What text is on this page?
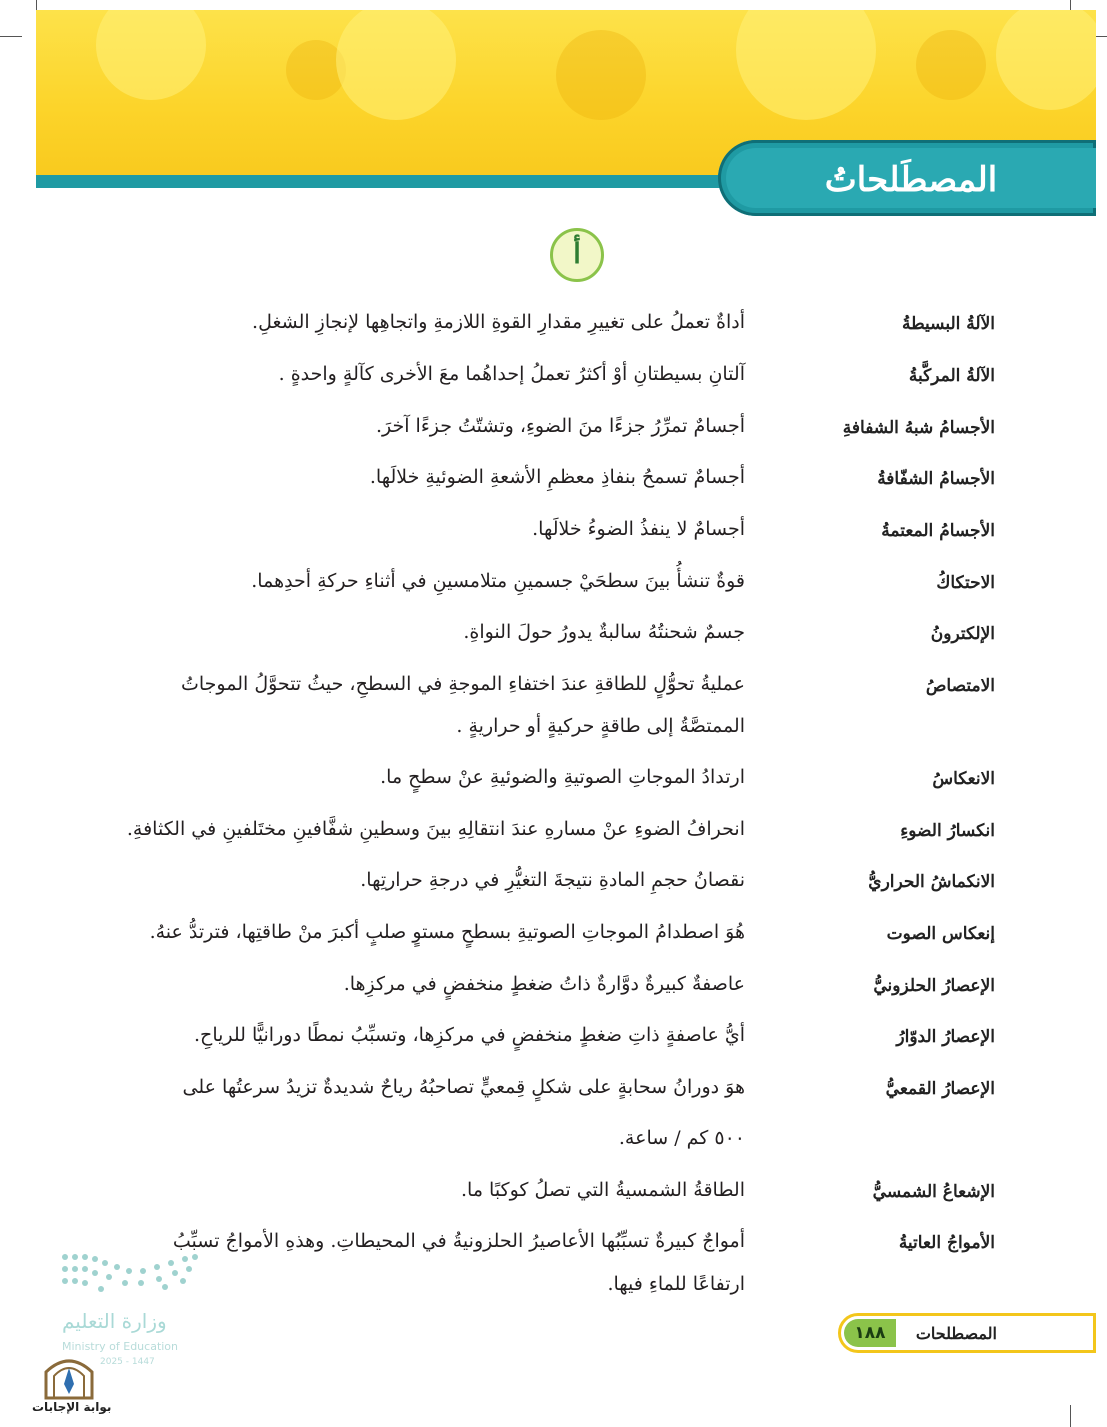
المصطَلحاتُ
أ
الآلةُ البسيطةُ
أداةٌ تعملُ على تغييرِ مقدارِ القوةِ اللازمةِ واتجاهِها لإنجازِ الشغلِ.
الآلةُ المركَّبةُ
آلتانِ بسيطتانِ أوْ أكثرُ تعملُ إحداهُما معَ الأخرى كآلةٍ واحدةٍ .
الأجسامُ شبهُ الشفافةِ
أجسامٌ تمرِّرُ جزءًا منَ الضوءِ، وتشتّتُ جزءًا آخرَ.
الأجسامُ الشفّافةُ
أجسامٌ تسمحُ بنفاذِ معظمِ الأشعةِ الضوئيةِ خلالَها.
الأجسامُ المعتمةُ
أجسامٌ لا ينفذُ الضوءُ خلالَها.
الاحتكاكُ
قوةٌ تنشأُ بينَ سطحَيْ جسمينِ متلامسينِ في أثناءِ حركةِ أحدِهما.
الإلكترونُ
جسمٌ شحنتُهُ سالبةٌ يدورُ حولَ النواةِ.
الامتصاصُ
عمليةُ تحوُّلٍ للطاقةِ عندَ اختفاءِ الموجةِ في السطحِ، حيثُ تتحوَّلُ الموجاتُ
الممتصَّةُ إلى طاقةٍ حركيةٍ أو حراريةٍ .
الانعكاسُ
ارتدادُ الموجاتِ الصوتيةِ والضوئيةِ عنْ سطحٍ ما.
انكسارُ الضوءِ
انحرافُ الضوءِ عنْ مسارهِ عندَ انتقالِهِ بينَ وسطينِ شفَّافينِ مختَلفينِ في الكثافةِ.
الانكماشُ الحراريُّ
نقصانُ حجمِ المادةِ نتيجةَ التغيُّرِ في درجةِ حرارتِها.
إنعكاس الصوت
هُوَ اصطدامُ الموجاتِ الصوتيةِ بسطحٍ مستوٍ صلبٍ أكبرَ منْ طاقتِها، فترتدُّ عنهُ.
الإعصارُ الحلزونيُّ
عاصفةٌ كبيرةٌ دوَّارةٌ ذاتُ ضغطٍ منخفضٍ في مركزِها.
الإعصارُ الدوّارُ
أيُّ عاصفةٍ ذاتِ ضغطٍ منخفضٍ في مركزِها، وتسبِّبُ نمطًا دورانيًّا للرياحِ.
الإعصارُ القمعيُّ
هوَ دورانُ سحابةٍ على شكلٍ قِمعيٍّ تصاحبُهُ رياحٌ شديدةٌ تزيدُ سرعتُها على
٥٠٠ كم / ساعة.
الإشعاعُ الشمسيُّ
الطاقةُ الشمسيةُ التي تصلُ كوكبًا ما.
الأمواجُ العاتيةُ
أمواجٌ كبيرةٌ تسبِّبُها الأعاصيرُ الحلزونيةُ في المحيطاتِ. وهذهِ الأمواجُ تسبِّبُ
ارتفاعًا للماءِ فيها.
١٨٨	المصطلحات
وزارة التعليم
Ministry of Education
2025 - 1447
بوابة الإجابات
